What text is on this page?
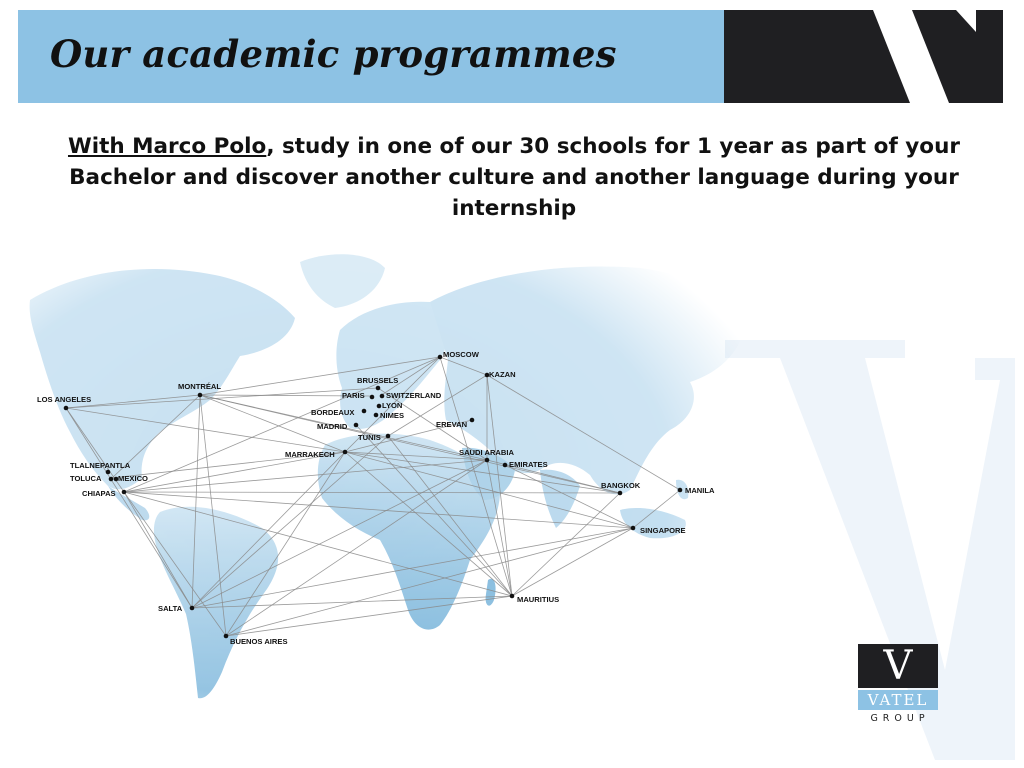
Our academic programmes

With Marco Polo, study in one of our 30 schools for 1 year as part of your Bachelor and discover another culture and another language during your internship

LOS ANGELES
MONTRÉAL
TLALNEPANTLA
TOLUCA MEXICO
CHIAPAS
SALTA
BUENOS AIRES
BRUSSELS
PARIS	SWITZERLAND
LYON
BORDEAUX	NIMES
MADRID
TUNIS
MARRAKECH
MOSCOW
KAZAN
EREVAN
SAUDI ARABIA
EMIRATES
BANGKOK
MANILA
SINGAPORE
MAURITIUS
V
VATEL
GROUP
